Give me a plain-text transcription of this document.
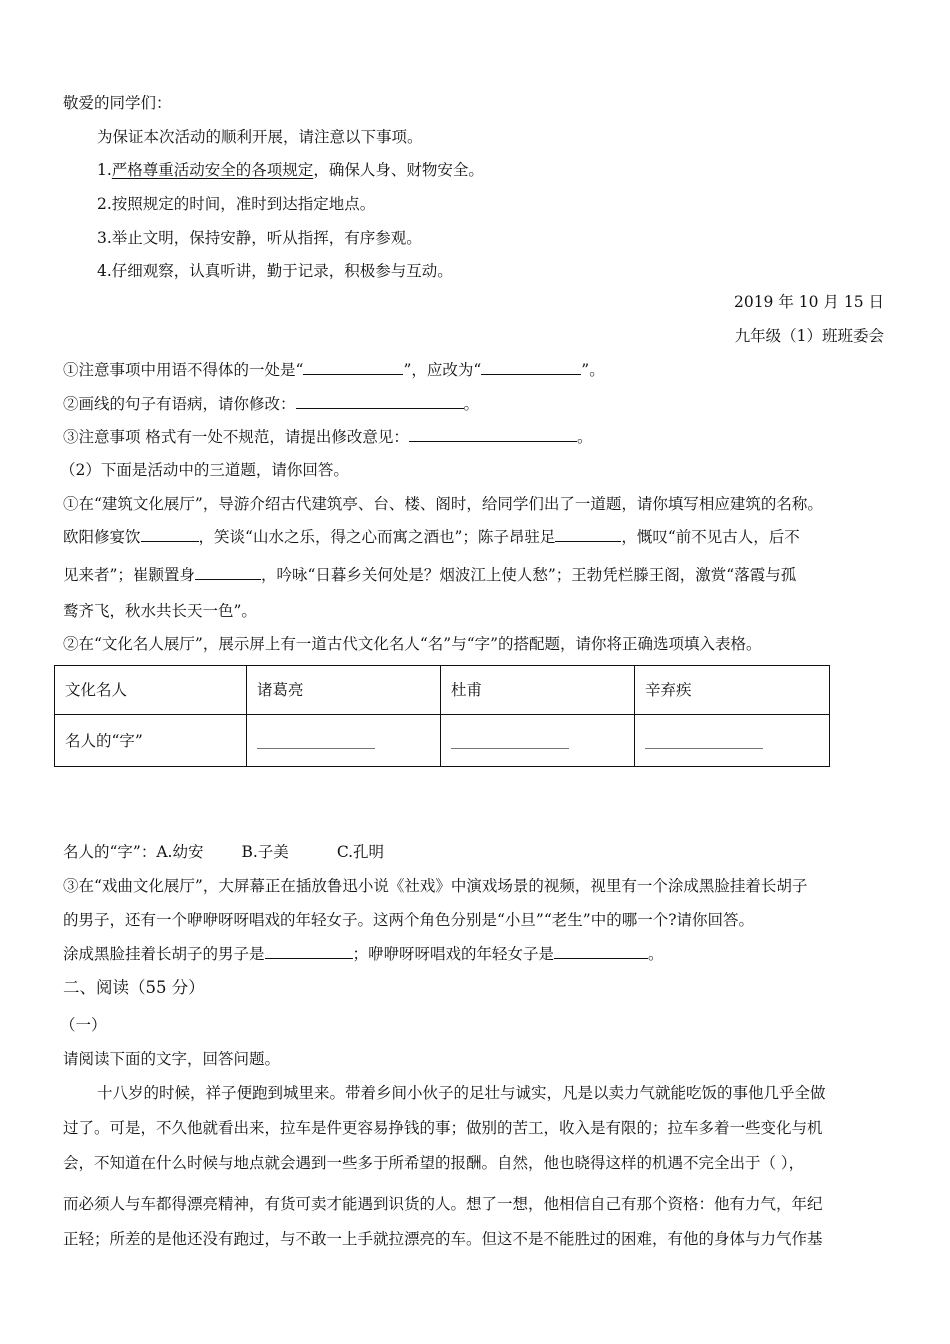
敬爱的同学们：
为保证本次活动的顺利开展，请注意以下事项。
1.严格尊重活动安全的各项规定，确保人身、财物安全。
2.按照规定的时间，准时到达指定地点。
3.举止文明，保持安静，听从指挥，有序参观。
4.仔细观察，认真听讲，勤于记录，积极参与互动。
2019 年 10 月 15 日
九年级（1）班班委会
①注意事项中用语不得体的一处是“	”，应改为“	”。
②画线的句子有语病，请你修改：	。
③注意事项 格式有一处不规范，请提出修改意见：	。
（2）下面是活动中的三道题，请你回答。
①在“建筑文化展厅”，导游介绍古代建筑亭、台、楼、阁时，给同学们出了一道题，请你填写相应建筑的名称。
欧阳修宴饮	，笑谈“山水之乐，得之心而寓之酒也”；陈子昂驻足	，慨叹“前不见古人，后不
见来者”；崔颢置身	，吟咏“日暮乡关何处是？烟波江上使人愁”；王勃凭栏滕王阁，激赏“落霞与孤
鹜齐飞，秋水共长天一色”。
②在“文化名人展厅”，展示屏上有一道古代文化名人“名”与“字”的搭配题，请你将正确选项填入表格。
文化名人	诸葛亮	杜甫	辛弃疾
名人的“字”			
名人的“字”：A.幼安 B.子美	C.孔明
③在“戏曲文化展厅”，大屏幕正在插放鲁迅小说《社戏》中演戏场景的视频，视里有一个涂成黑脸挂着长胡子
的男子，还有一个咿咿呀呀唱戏的年轻女子。这两个角色分别是“小旦”“老生”中的哪一个?请你回答。
涂成黑脸挂着长胡子的男子是	；咿咿呀呀唱戏的年轻女子是	。
二、阅读（55 分）
（一）
请阅读下面的文字，回答问题。
十八岁的时候，祥子便跑到城里来。带着乡间小伙子的足壮与诚实，凡是以卖力气就能吃饭的事他几乎全做
过了。可是，不久他就看出来，拉车是件更容易挣钱的事；做别的苦工，收入是有限的；拉车多着一些变化与机
会，不知道在什么时候与地点就会遇到一些多于所希望的报酬。自然，他也晓得这样的机遇不完全出于（ ），
而必须人与车都得漂亮精神，有货可卖才能遇到识货的人。想了一想，他相信自己有那个资格：他有力气，年纪
正轻；所差的是他还没有跑过，与不敢一上手就拉漂亮的车。但这不是不能胜过的困难，有他的身体与力气作基
